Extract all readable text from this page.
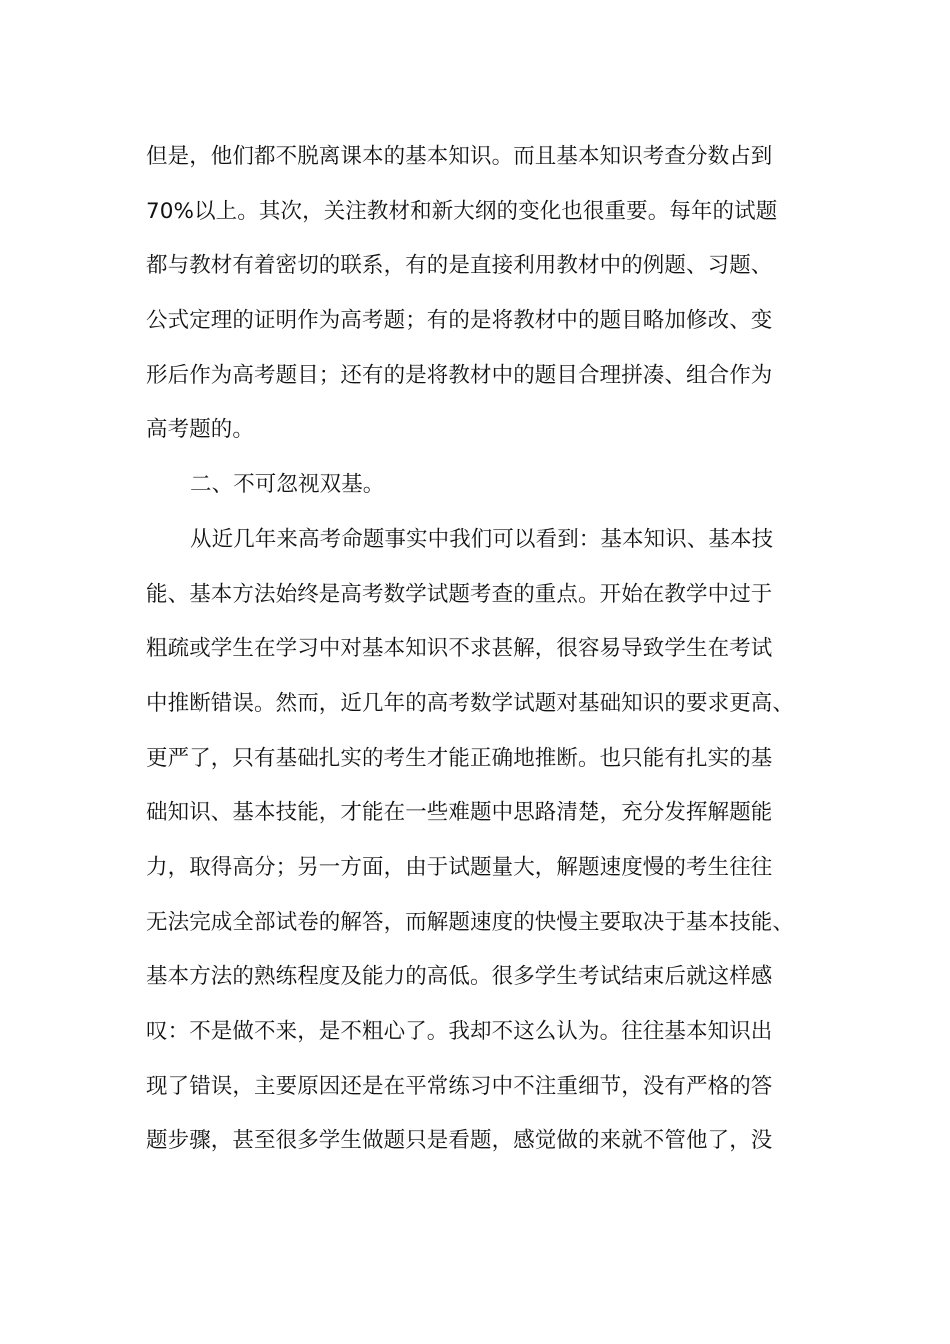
但是，他们都不脱离课本的基本知识。而且基本知识考查分数占到
70%以上。其次，关注教材和新大纲的变化也很重要。每年的试题
都与教材有着密切的联系，有的是直接利用教材中的例题、习题、
公式定理的证明作为高考题；有的是将教材中的题目略加修改、变
形后作为高考题目；还有的是将教材中的题目合理拼凑、组合作为
高考题的。
二、不可忽视双基。
从近几年来高考命题事实中我们可以看到：基本知识、基本技
能、基本方法始终是高考数学试题考查的重点。开始在教学中过于
粗疏或学生在学习中对基本知识不求甚解，很容易导致学生在考试
中推断错误。然而，近几年的高考数学试题对基础知识的要求更高、
更严了，只有基础扎实的考生才能正确地推断。也只能有扎实的基
础知识、基本技能，才能在一些难题中思路清楚，充分发挥解题能
力，取得高分；另一方面，由于试题量大，解题速度慢的考生往往
无法完成全部试卷的解答，而解题速度的快慢主要取决于基本技能、
基本方法的熟练程度及能力的高低。很多学生考试结束后就这样感
叹：不是做不来，是不粗心了。我却不这么认为。往往基本知识出
现了错误，主要原因还是在平常练习中不注重细节，没有严格的答
题步骤，甚至很多学生做题只是看题，感觉做的来就不管他了，没
